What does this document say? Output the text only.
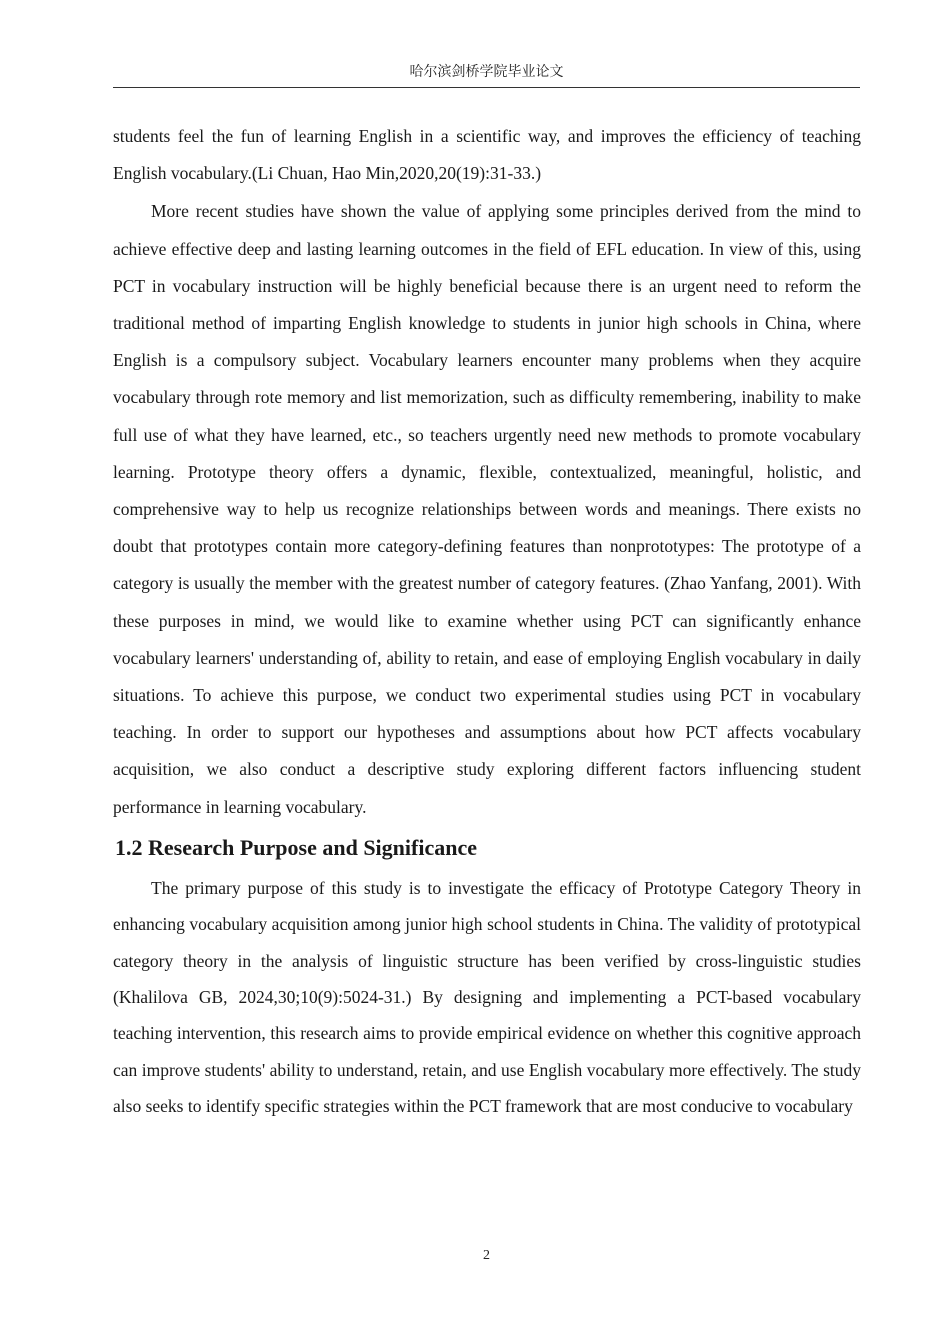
哈尔滨剑桥学院毕业论文

students feel the fun of learning English in a scientific way, and improves the efficiency of teaching English vocabulary.(Li Chuan, Hao Min,2020,20(19):31-33.)

More recent studies have shown the value of applying some principles derived from the mind to achieve effective deep and lasting learning outcomes in the field of EFL education. In view of this, using PCT in vocabulary instruction will be highly beneficial because there is an urgent need to reform the traditional method of imparting English knowledge to students in junior high schools in China, where English is a compulsory subject. Vocabulary learners encounter many problems when they acquire vocabulary through rote memory and list memorization, such as difficulty remembering, inability to make full use of what they have learned, etc., so teachers urgently need new methods to promote vocabulary learning. Prototype theory offers a dynamic, flexible, contextualized, meaningful, holistic, and comprehensive way to help us recognize relationships between words and meanings. There exists no doubt that prototypes contain more category-defining features than nonprototypes: The prototype of a category is usually the member with the greatest number of category features. (Zhao Yanfang, 2001). With these purposes in mind, we would like to examine whether using PCT can significantly enhance vocabulary learners' understanding of, ability to retain, and ease of employing English vocabulary in daily situations. To achieve this purpose, we conduct two experimental studies using PCT in vocabulary teaching. In order to support our hypotheses and assumptions about how PCT affects vocabulary acquisition, we also conduct a descriptive study exploring different factors influencing student performance in learning vocabulary.

1.2 Research Purpose and Significance

The primary purpose of this study is to investigate the efficacy of Prototype Category Theory in enhancing vocabulary acquisition among junior high school students in China. The validity of prototypical category theory in the analysis of linguistic structure has been verified by cross-linguistic studies (Khalilova GB, 2024,30;10(9):5024-31.) By designing and implementing a PCT-based vocabulary teaching intervention, this research aims to provide empirical evidence on whether this cognitive approach can improve students' ability to understand, retain, and use English vocabulary more effectively. The study also seeks to identify specific strategies within the PCT framework that are most conducive to vocabulary

2
